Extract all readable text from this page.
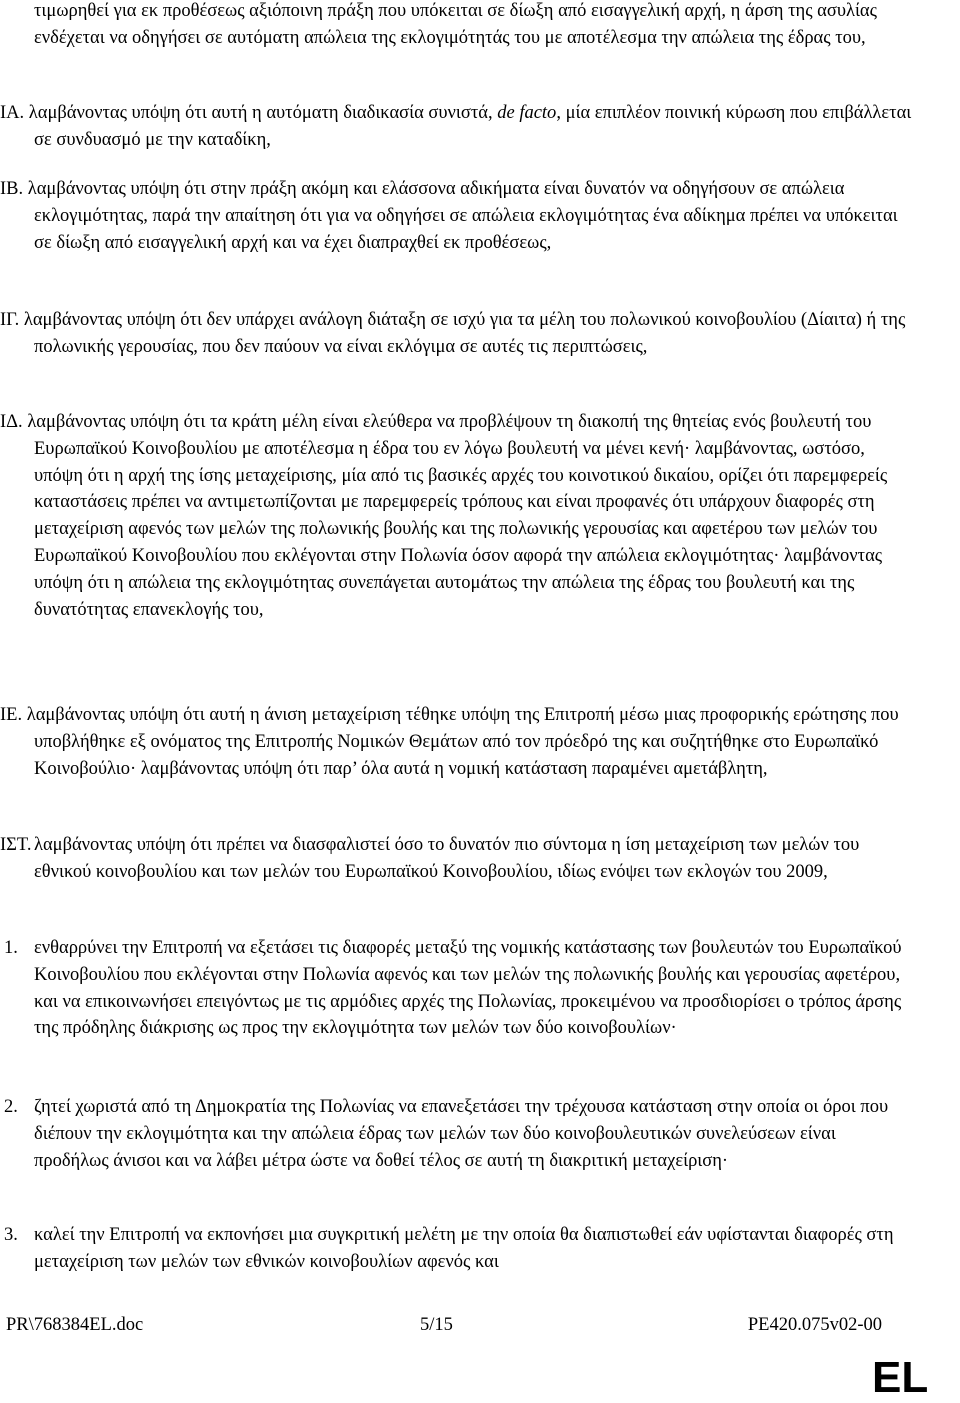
τιμωρηθεί για εκ προθέσεως αξιόποινη πράξη που υπόκειται σε δίωξη από εισαγγελική αρχή, η άρση της ασυλίας ενδέχεται να οδηγήσει σε αυτόματη απώλεια της εκλογιμότητάς του με αποτέλεσμα την απώλεια της έδρας του,

ΙΑ. λαμβάνοντας υπόψη ότι αυτή η αυτόματη διαδικασία συνιστά, de facto, μία επιπλέον ποινική κύρωση που επιβάλλεται σε συνδυασμό με την καταδίκη,

ΙΒ. λαμβάνοντας υπόψη ότι στην πράξη ακόμη και ελάσσονα αδικήματα είναι δυνατόν να οδηγήσουν σε απώλεια εκλογιμότητας, παρά την απαίτηση ότι για να οδηγήσει σε απώλεια εκλογιμότητας ένα αδίκημα πρέπει να υπόκειται σε δίωξη από εισαγγελική αρχή και να έχει διαπραχθεί εκ προθέσεως,

ΙΓ. λαμβάνοντας υπόψη ότι δεν υπάρχει ανάλογη διάταξη σε ισχύ για τα μέλη του πολωνικού κοινοβουλίου (Δίαιτα) ή της πολωνικής γερουσίας, που δεν παύουν να είναι εκλόγιμα σε αυτές τις περιπτώσεις,

ΙΔ. λαμβάνοντας υπόψη ότι τα κράτη μέλη είναι ελεύθερα να προβλέψουν τη διακοπή της θητείας ενός βουλευτή του Ευρωπαϊκού Κοινοβουλίου με αποτέλεσμα η έδρα του εν λόγω βουλευτή να μένει κενή· λαμβάνοντας, ωστόσο, υπόψη ότι η αρχή της ίσης μεταχείρισης, μία από τις βασικές αρχές του κοινοτικού δικαίου, ορίζει ότι παρεμφερείς καταστάσεις πρέπει να αντιμετωπίζονται με παρεμφερείς τρόπους και είναι προφανές ότι υπάρχουν διαφορές στη μεταχείριση αφενός των μελών της πολωνικής βουλής και της πολωνικής γερουσίας και αφετέρου των μελών του Ευρωπαϊκού Κοινοβουλίου που εκλέγονται στην Πολωνία όσον αφορά την απώλεια εκλογιμότητας· λαμβάνοντας υπόψη ότι η απώλεια της εκλογιμότητας συνεπάγεται αυτομάτως την απώλεια της έδρας του βουλευτή και της δυνατότητας επανεκλογής του,

ΙΕ. λαμβάνοντας υπόψη ότι αυτή η άνιση μεταχείριση τέθηκε υπόψη της Επιτροπή μέσω μιας προφορικής ερώτησης που υποβλήθηκε εξ ονόματος της Επιτροπής Νομικών Θεμάτων από τον πρόεδρό της και συζητήθηκε στο Ευρωπαϊκό Κοινοβούλιο· λαμβάνοντας υπόψη ότι παρ’ όλα αυτά η νομική κατάσταση παραμένει αμετάβλητη,

ΙΣΤ. λαμβάνοντας υπόψη ότι πρέπει να διασφαλιστεί όσο το δυνατόν πιο σύντομα η ίση μεταχείριση των μελών του εθνικού κοινοβουλίου και των μελών του Ευρωπαϊκού Κοινοβουλίου, ιδίως ενόψει των εκλογών του 2009,

1. ενθαρρύνει την Επιτροπή να εξετάσει τις διαφορές μεταξύ της νομικής κατάστασης των βουλευτών του Ευρωπαϊκού Κοινοβουλίου που εκλέγονται στην Πολωνία αφενός και των μελών της πολωνικής βουλής και γερουσίας αφετέρου, και να επικοινωνήσει επειγόντως με τις αρμόδιες αρχές της Πολωνίας, προκειμένου να προσδιορίσει ο τρόπος άρσης της πρόδηλης διάκρισης ως προς την εκλογιμότητα των μελών των δύο κοινοβουλίων·

2. ζητεί χωριστά από τη Δημοκρατία της Πολωνίας να επανεξετάσει την τρέχουσα κατάσταση στην οποία οι όροι που διέπουν την εκλογιμότητα και την απώλεια έδρας των μελών των δύο κοινοβουλευτικών συνελεύσεων είναι προδήλως άνισοι και να λάβει μέτρα ώστε να δοθεί τέλος σε αυτή τη διακριτική μεταχείριση·

3. καλεί την Επιτροπή να εκπονήσει μια συγκριτική μελέτη με την οποία θα διαπιστωθεί εάν υφίστανται διαφορές στη μεταχείριση των μελών των εθνικών κοινοβουλίων αφενός και

PR\768384EL.doc	5/15	PE420.075v02-00
EL
